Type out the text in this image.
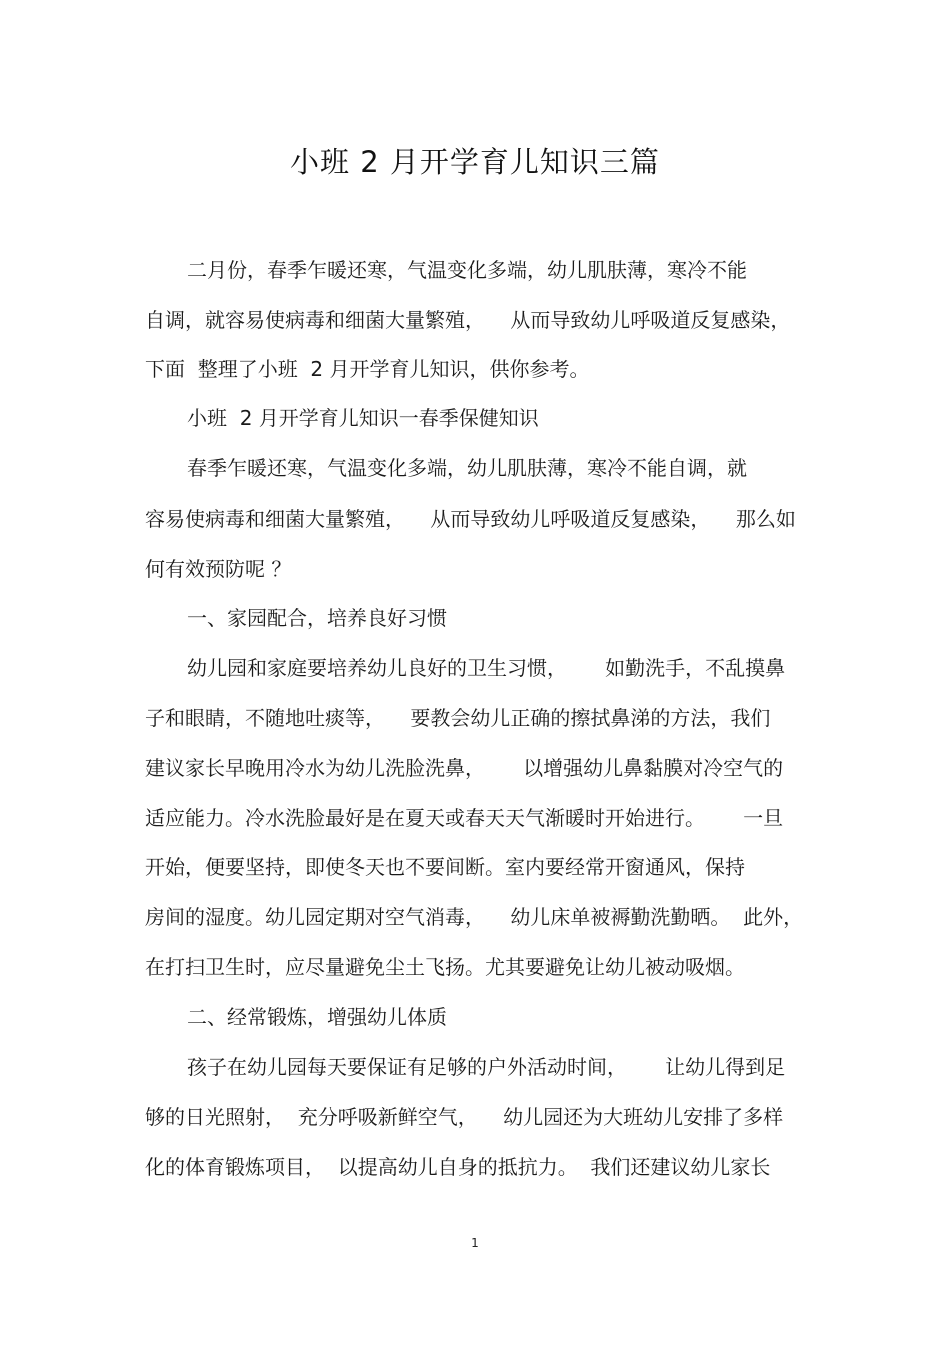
小班 2 月开学育儿知识三篇
二月份，春季乍暖还寒，气温变化多端，幼儿肌肤薄，寒冷不能
自调，就容易使病毒和细菌大量繁殖，    从而导致幼儿呼吸道反复感染，
下面  整理了小班  2 月开学育儿知识，供你参考。
小班  2 月开学育儿知识一春季保健知识
春季乍暖还寒，气温变化多端，幼儿肌肤薄，寒冷不能自调，就
容易使病毒和细菌大量繁殖，    从而导致幼儿呼吸道反复感染，    那么如
何有效预防呢 ？
一、家园配合，培养良好习惯
幼儿园和家庭要培养幼儿良好的卫生习惯，      如勤洗手，不乱摸鼻
子和眼睛，不随地吐痰等，    要教会幼儿正确的擦拭鼻涕的方法，我们
建议家长早晚用冷水为幼儿洗脸洗鼻，      以增强幼儿鼻黏膜对冷空气的
适应能力。冷水洗脸最好是在夏天或春天天气渐暖时开始进行。      一旦
开始，便要坚持，即使冬天也不要间断。室内要经常开窗通风，保持
房间的湿度。幼儿园定期对空气消毒，    幼儿床单被褥勤洗勤晒。  此外，
在打扫卫生时，应尽量避免尘土飞扬。尤其要避免让幼儿被动吸烟。
二、经常锻炼，增强幼儿体质
孩子在幼儿园每天要保证有足够的户外活动时间，      让幼儿得到足
够的日光照射，  充分呼吸新鲜空气，    幼儿园还为大班幼儿安排了多样
化的体育锻炼项目，  以提高幼儿自身的抵抗力。  我们还建议幼儿家长
1
